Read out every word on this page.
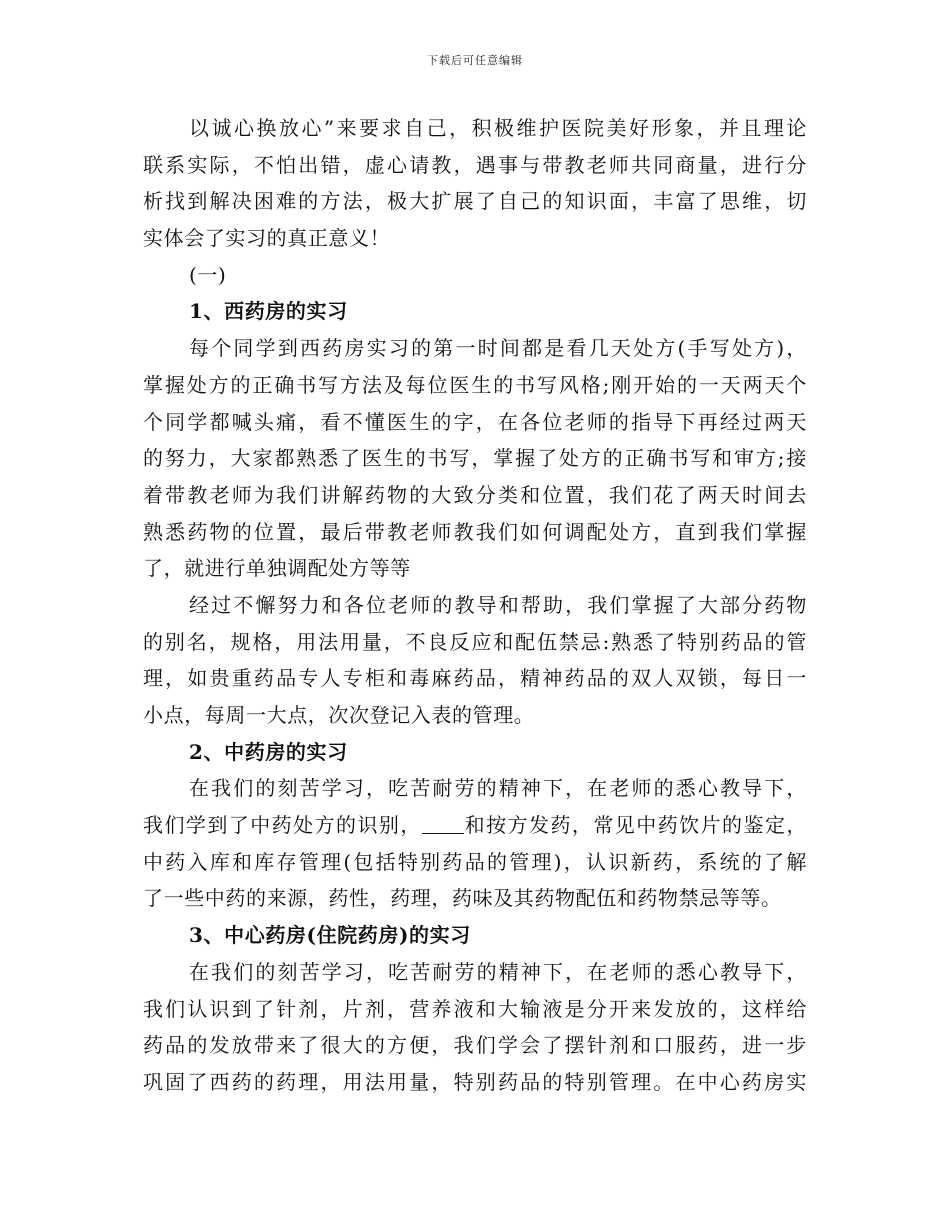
下载后可任意编辑
以诚心换放心”来要求自己，积极维护医院美好形象，并且理论
联系实际，不怕出错，虚心请教，遇事与带教老师共同商量，进行分
析找到解决困难的方法，极大扩展了自己的知识面，丰富了思维，切
实体会了实习的真正意义！
(一)
1、西药房的实习
每个同学到西药房实习的第一时间都是看几天处方(手写处方)，
掌握处方的正确书写方法及每位医生的书写风格;刚开始的一天两天个
个同学都喊头痛，看不懂医生的字，在各位老师的指导下再经过两天
的努力，大家都熟悉了医生的书写，掌握了处方的正确书写和审方;接
着带教老师为我们讲解药物的大致分类和位置，我们花了两天时间去
熟悉药物的位置，最后带教老师教我们如何调配处方，直到我们掌握
了，就进行单独调配处方等等
经过不懈努力和各位老师的教导和帮助，我们掌握了大部分药物
的别名，规格，用法用量，不良反应和配伍禁忌:熟悉了特别药品的管
理，如贵重药品专人专柜和毒麻药品，精神药品的双人双锁，每日一
小点，每周一大点，次次登记入表的管理。
2、中药房的实习
在我们的刻苦学习，吃苦耐劳的精神下，在老师的悉心教导下，
我们学到了中药处方的识别， 和按方发药，常见中药饮片的鉴定，
中药入库和库存管理(包括特别药品的管理)，认识新药，系统的了解
了一些中药的来源，药性，药理，药味及其药物配伍和药物禁忌等等。
3、中心药房(住院药房)的实习
在我们的刻苦学习，吃苦耐劳的精神下，在老师的悉心教导下，
我们认识到了针剂，片剂，营养液和大输液是分开来发放的，这样给
药品的发放带来了很大的方便，我们学会了摆针剂和口服药，进一步
巩固了西药的药理，用法用量，特别药品的特别管理。在中心药房实
